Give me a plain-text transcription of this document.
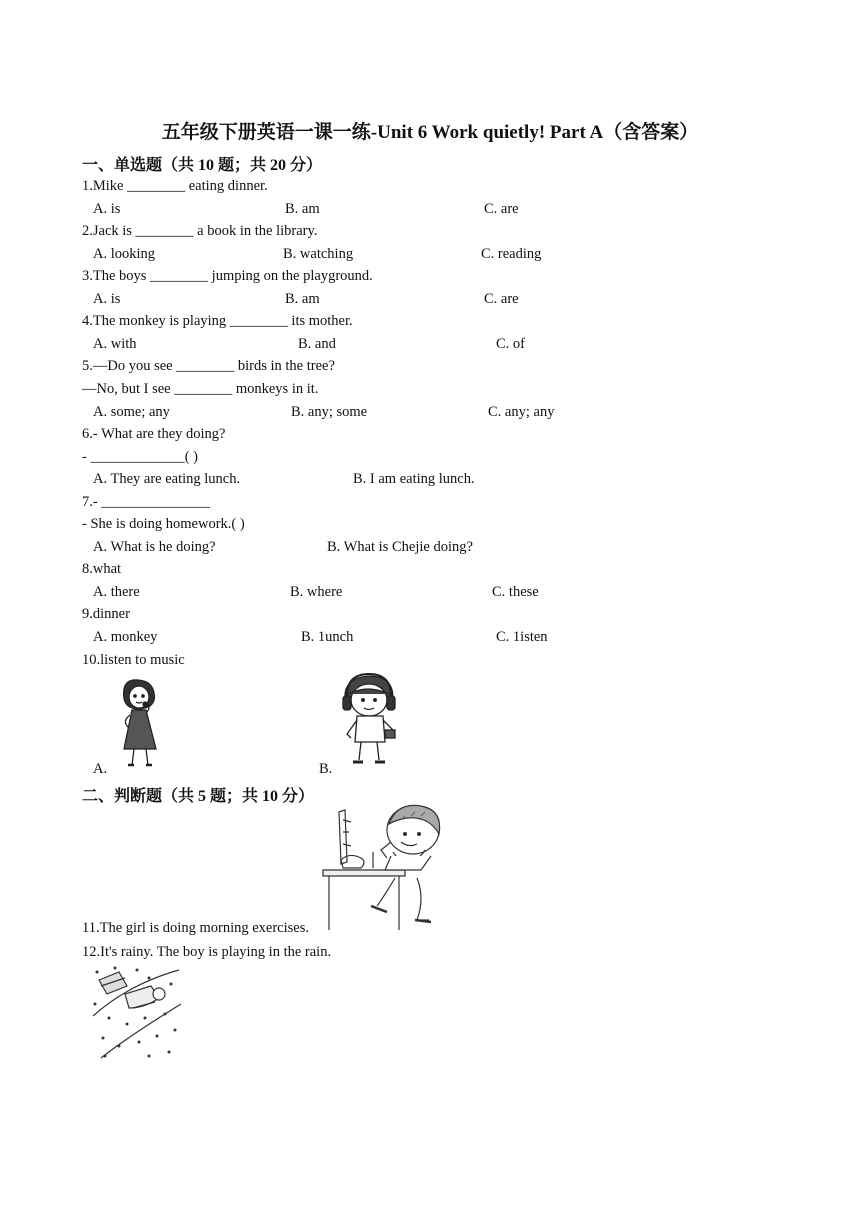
五年级下册英语一课一练-Unit 6 Work quietly! Part A（含答案）
一、单选题（共 10 题；共 20 分）
1.Mike ________ eating dinner.
A. is	B. am	C. are
2.Jack is ________ a book in the library.
A. looking	B. watching	C. reading
3.The boys ________ jumping on the playground.
A. is	B. am	C. are
4.The monkey is playing ________ its mother.
A. with	B. and	C. of
5.—Do you see ________ birds in the tree?
—No, but I see ________ monkeys in it.
A. some; any	B. any; some	C. any; any
6.- What are they doing?
- _____________( )
A. They are eating lunch.	B. I am eating lunch.
7.- _______________
- She is doing homework.( )
A. What is he doing?	B. What is Chejie doing?
8.what
A. there	B. where	C. these
9.dinner
A. monkey	B. 1unch	C. 1isten
10.listen to music
A.	B.
二、判断题（共 5 题；共 10 分）
11.The girl is doing morning exercises.
12.It's rainy. The boy is playing in the rain.
